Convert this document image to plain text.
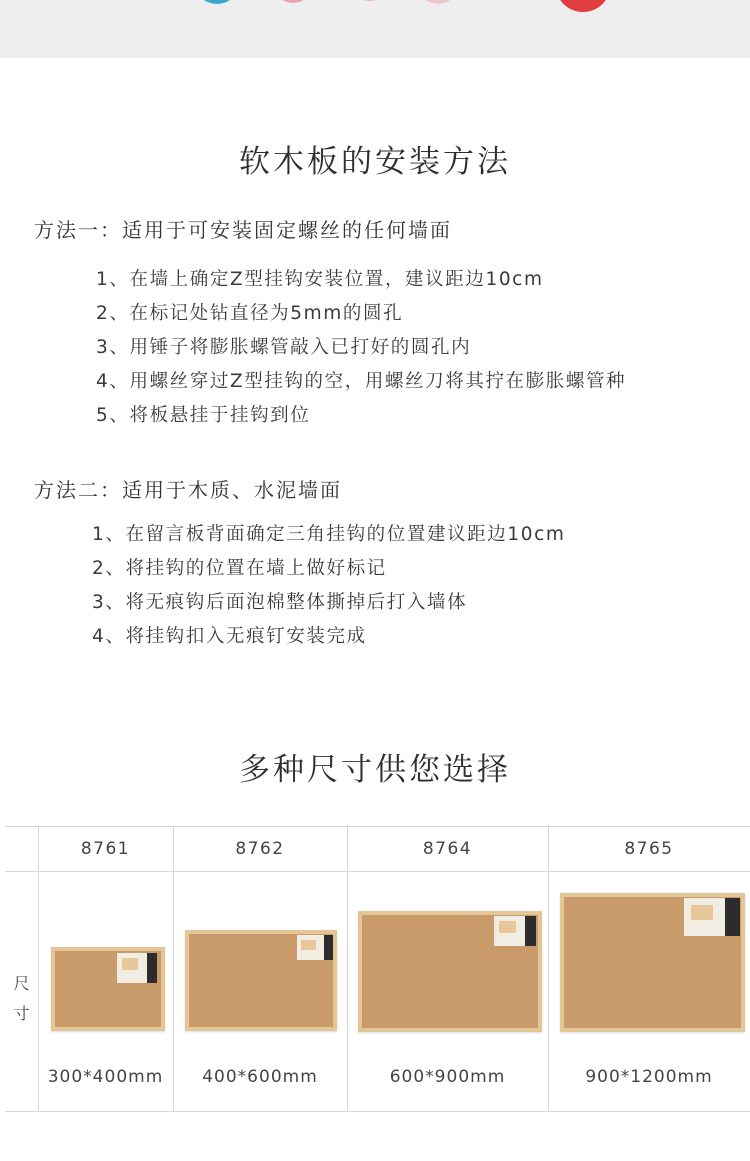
软木板的安装方法
方法一：适用于可安装固定螺丝的任何墙面
1、在墙上确定Z型挂钩安装位置，建议距边10cm
2、在标记处钻直径为5mm的圆孔
3、用锤子将膨胀螺管敲入已打好的圆孔内
4、用螺丝穿过Z型挂钩的空，用螺丝刀将其拧在膨胀螺管种
5、将板悬挂于挂钩到位
方法二：适用于木质、水泥墙面
1、在留言板背面确定三角挂钩的位置建议距边10cm
2、将挂钩的位置在墙上做好标记
3、将无痕钩后面泡棉整体撕掉后打入墙体
4、将挂钩扣入无痕钉安装完成
多种尺寸供您选择
8761	8762	8764	8765
尺寸
300*400mm	400*600mm	600*900mm	900*1200mm
